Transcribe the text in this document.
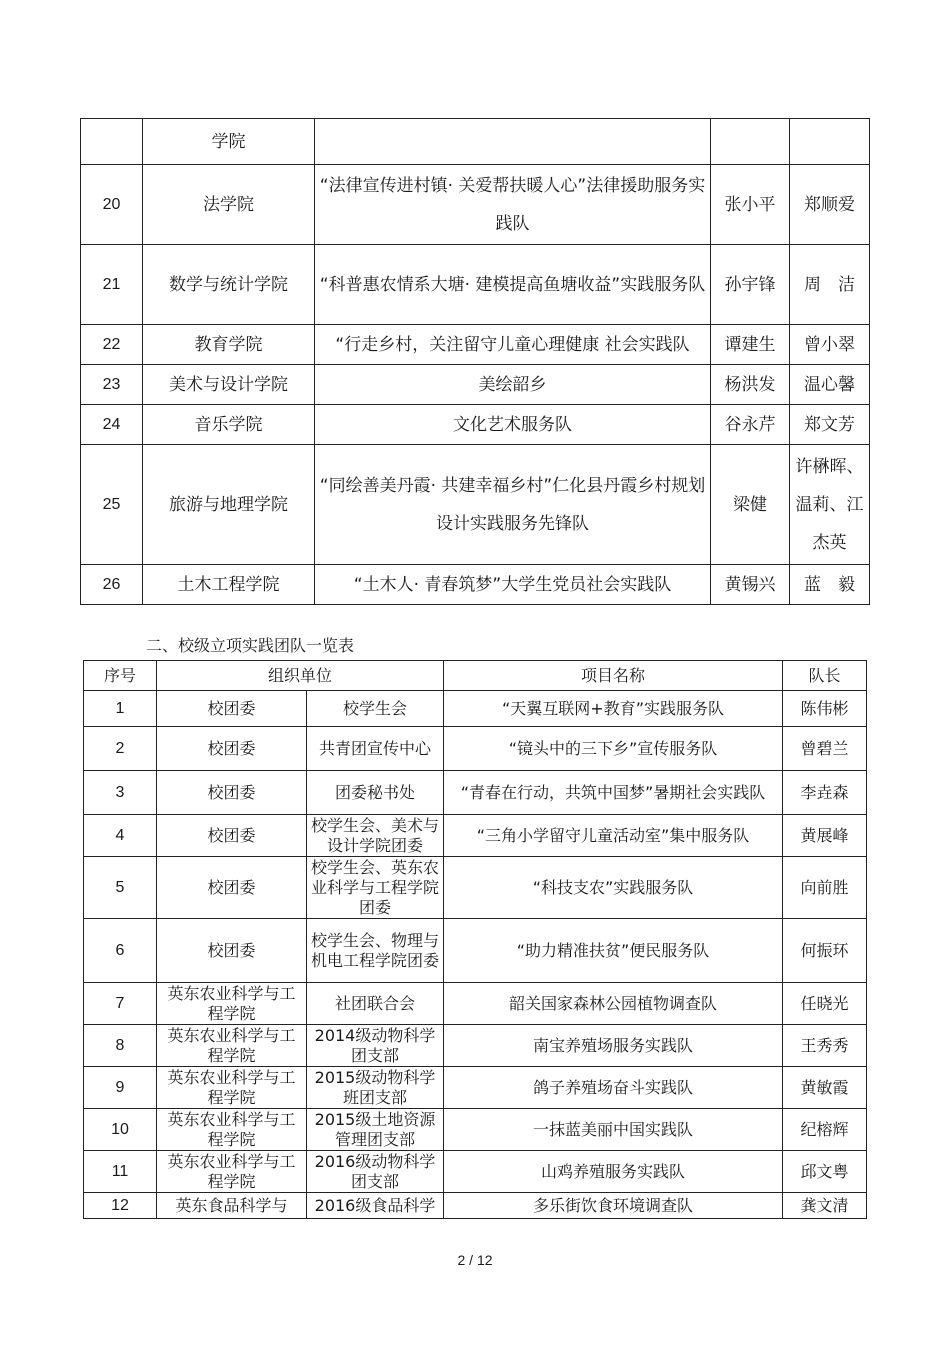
	学院			
20	法学院	“法律宣传进村镇· 关爱帮扶暖人心”法律援助服务实践队	张小平	郑顺爱
21	数学与统计学院	“科普惠农情系大塘· 建模提高鱼塘收益”实践服务队	孙宇锋	周　洁
22	教育学院	“行走乡村，关注留守儿童心理健康 社会实践队	谭建生	曾小翠
23	美术与设计学院	美绘韶乡	杨洪发	温心馨
24	音乐学院	文化艺术服务队	谷永芹	郑文芳
25	旅游与地理学院	“同绘善美丹霞· 共建幸福乡村”仁化县丹霞乡村规划设计实践服务先锋队	梁健	许楙晖、温莉、江杰英
26	土木工程学院	“土木人· 青春筑梦”大学生党员社会实践队	黄锡兴	蓝　毅
二、校级立项实践团队一览表
序号	组织单位		项目名称	队长
1	校团委	校学生会	“天翼互联网+教育”实践服务队	陈伟彬
2	校团委	共青团宣传中心	“镜头中的三下乡”宣传服务队	曾碧兰
3	校团委	团委秘书处	“青春在行动，共筑中国梦”暑期社会实践队	李垚森
4	校团委	校学生会、美术与设计学院团委	“三角小学留守儿童活动室”集中服务队	黄展峰
5	校团委	校学生会、英东农业科学与工程学院团委	“科技支农”实践服务队	向前胜
6	校团委	校学生会、物理与机电工程学院团委	“助力精准扶贫”便民服务队	何振环
7	英东农业科学与工程学院	社团联合会	韶关国家森林公园植物调查队	任晓光
8	英东农业科学与工程学院	2014级动物科学团支部	南宝养殖场服务实践队	王秀秀
9	英东农业科学与工程学院	2015级动物科学班团支部	鸽子养殖场奋斗实践队	黄敏霞
10	英东农业科学与工程学院	2015级土地资源管理团支部	一抹蓝美丽中国实践队	纪榕辉
11	英东农业科学与工程学院	2016级动物科学团支部	山鸡养殖服务实践队	邱文粤
12	英东食品科学与	2016级食品科学	多乐街饮食环境调查队	龚文清
2 / 12
